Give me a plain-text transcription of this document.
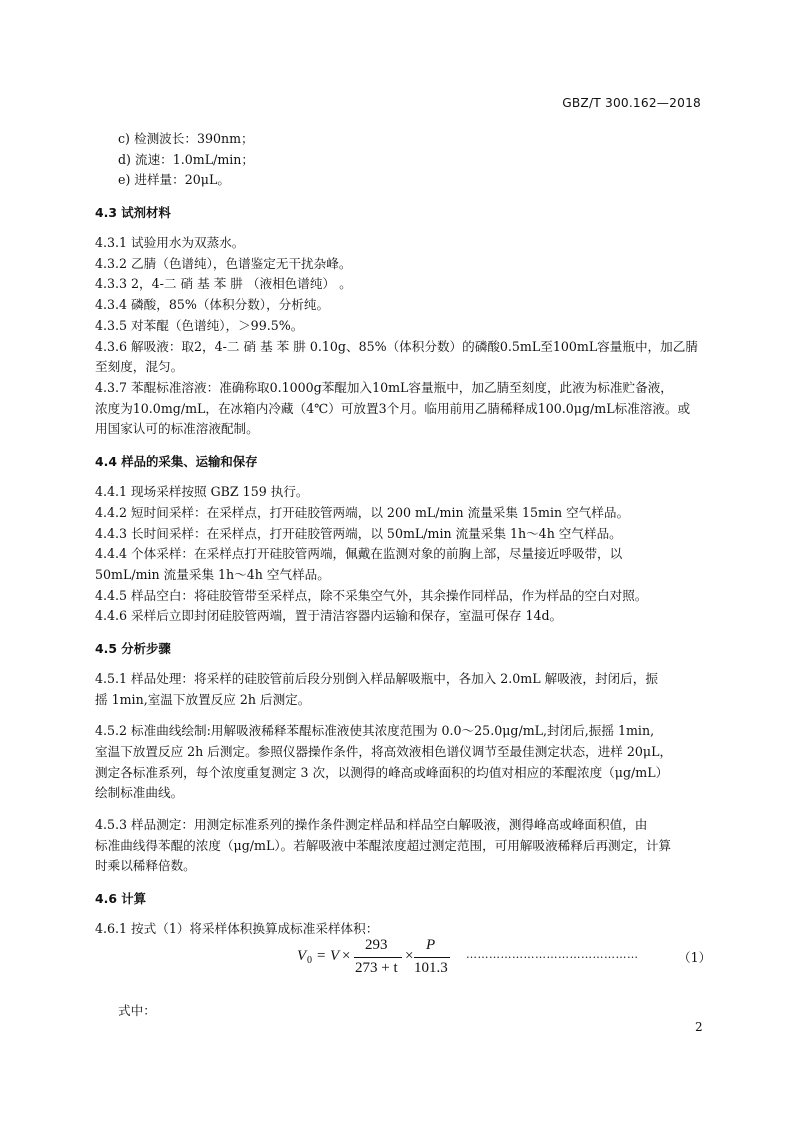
GBZ/T 300.162—2018
c) 检测波长：390nm；
d) 流速：1.0mL/min；
e) 进样量：20μL。
4.3 试剂材料
4.3.1 试验用水为双蒸水。
4.3.2 乙腈（色谱纯），色谱鉴定无干扰杂峰。
4.3.3 2，4-二 硝 基 苯 肼 （液相色谱纯） 。
4.3.4 磷酸，85%（体积分数），分析纯。
4.3.5 对苯醌（色谱纯），＞99.5%。
4.3.6 解吸液：取2，4-二 硝 基 苯 肼 0.10g、85%（体积分数）的磷酸0.5mL至100mL容量瓶中，加乙腈
至刻度，混匀。
4.3.7 苯醌标准溶液：准确称取0.1000g苯醌加入10mL容量瓶中，加乙腈至刻度，此液为标准贮备液，
浓度为10.0mg/mL，在冰箱内冷藏（4℃）可放置3个月。临用前用乙腈稀释成100.0μg/mL标准溶液。或
用国家认可的标准溶液配制。
4.4 样品的采集、运输和保存
4.4.1 现场采样按照 GBZ 159 执行。
4.4.2 短时间采样：在采样点，打开硅胶管两端，以 200 mL/min 流量采集 15min 空气样品。
4.4.3 长时间采样：在采样点，打开硅胶管两端，以 50mL/min 流量采集 1h～4h 空气样品。
4.4.4 个体采样：在采样点打开硅胶管两端，佩戴在监测对象的前胸上部，尽量接近呼吸带，以
50mL/min 流量采集 1h～4h 空气样品。
4.4.5 样品空白：将硅胶管带至采样点，除不采集空气外，其余操作同样品，作为样品的空白对照。
4.4.6 采样后立即封闭硅胶管两端，置于清洁容器内运输和保存，室温可保存 14d。
4.5 分析步骤
4.5.1 样品处理：将采样的硅胶管前后段分别倒入样品解吸瓶中，各加入 2.0mL 解吸液，封闭后，振
摇 1min,室温下放置反应 2h 后测定。
4.5.2 标准曲线绘制:用解吸液稀释苯醌标准液使其浓度范围为 0.0～25.0μg/mL,封闭后,振摇 1min,
室温下放置反应 2h 后测定。参照仪器操作条件，将高效液相色谱仪调节至最佳测定状态，进样 20μL，
测定各标准系列，每个浓度重复测定 3 次，以测得的峰高或峰面积的均值对相应的苯醌浓度（μg/mL）
绘制标准曲线。
4.5.3 样品测定：用测定标准系列的操作条件测定样品和样品空白解吸液，测得峰高或峰面积值，由
标准曲线得苯醌的浓度（μg/mL）。若解吸液中苯醌浓度超过测定范围，可用解吸液稀释后再测定，计算
时乘以稀释倍数。
4.6 计算
4.6.1 按式（1）将采样体积换算成标准采样体积：
V 0 = V ×
293
273 + t
×
P
101.3
………………………………………	（1）
式中：
2
